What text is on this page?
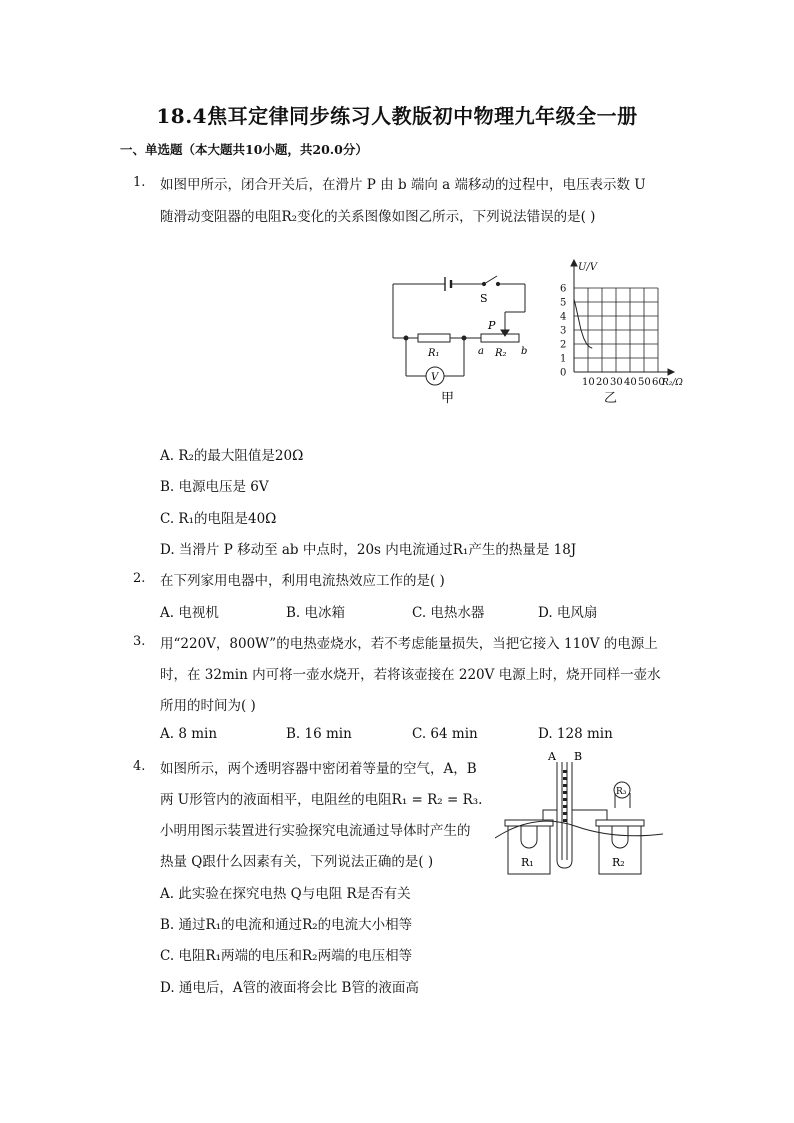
18.4焦耳定律同步练习人教版初中物理九年级全一册
一、单选题（本大题共10小题，共20.0分）
1. 如图甲所示，闭合开关后，在滑片 P 由 b 端向 a 端移动的过程中，电压表示数 U
随滑动变阻器的电阻R₂变化的关系图像如图乙所示，下列说法错误的是( )
S
P
R₁	a R₂ b
V
甲
0
1
2
3
4
5
6
10 20 30 40 50 60
U/V
R₂/Ω
乙
A. R₂的最大阻值是20Ω
B. 电源电压是 6V
C. R₁的电阻是40Ω
D. 当滑片 P 移动至 ab 中点时，20s 内电流通过R₁产生的热量是 18J
2. 在下列家用电器中，利用电流热效应工作的是( )
A. 电视机	B. 电冰箱	C. 电热水器	D. 电风扇
3. 用“220V，800W”的电热壶烧水，若不考虑能量损失，当把它接入 110V 的电源上
时，在 32min 内可将一壶水烧开，若将该壶接在 220V 电源上时，烧开同样一壶水
所用的时间为( )
A. 8 min	B. 16 min	C. 64 min	D. 128 min
4. 如图所示，两个透明容器中密闭着等量的空气，A，B
两 U形管内的液面相平，电阻丝的电阻R₁ = R₂ = R₃.
小明用图示装置进行实验探究电流通过导体时产生的
热量 Q跟什么因素有关，下列说法正确的是( )
A B
R₁	R₂
R₃
A. 此实验在探究电热 Q与电阻 R是否有关
B. 通过R₁的电流和通过R₂的电流大小相等
C. 电阻R₁两端的电压和R₂两端的电压相等
D. 通电后，A管的液面将会比 B管的液面高
